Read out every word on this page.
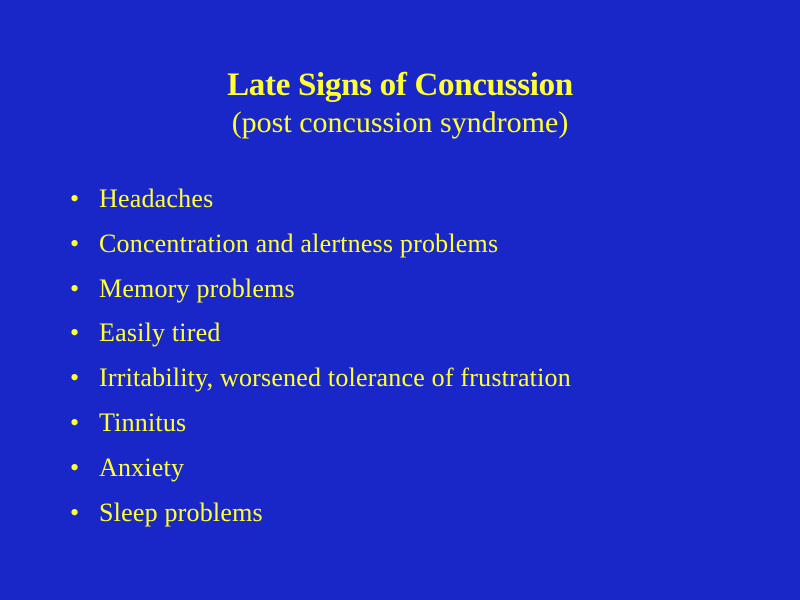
Late Signs of Concussion
(post concussion syndrome)
• Headaches
• Concentration and alertness problems
• Memory problems
• Easily tired
• Irritability, worsened tolerance of frustration
• Tinnitus
• Anxiety
• Sleep problems
